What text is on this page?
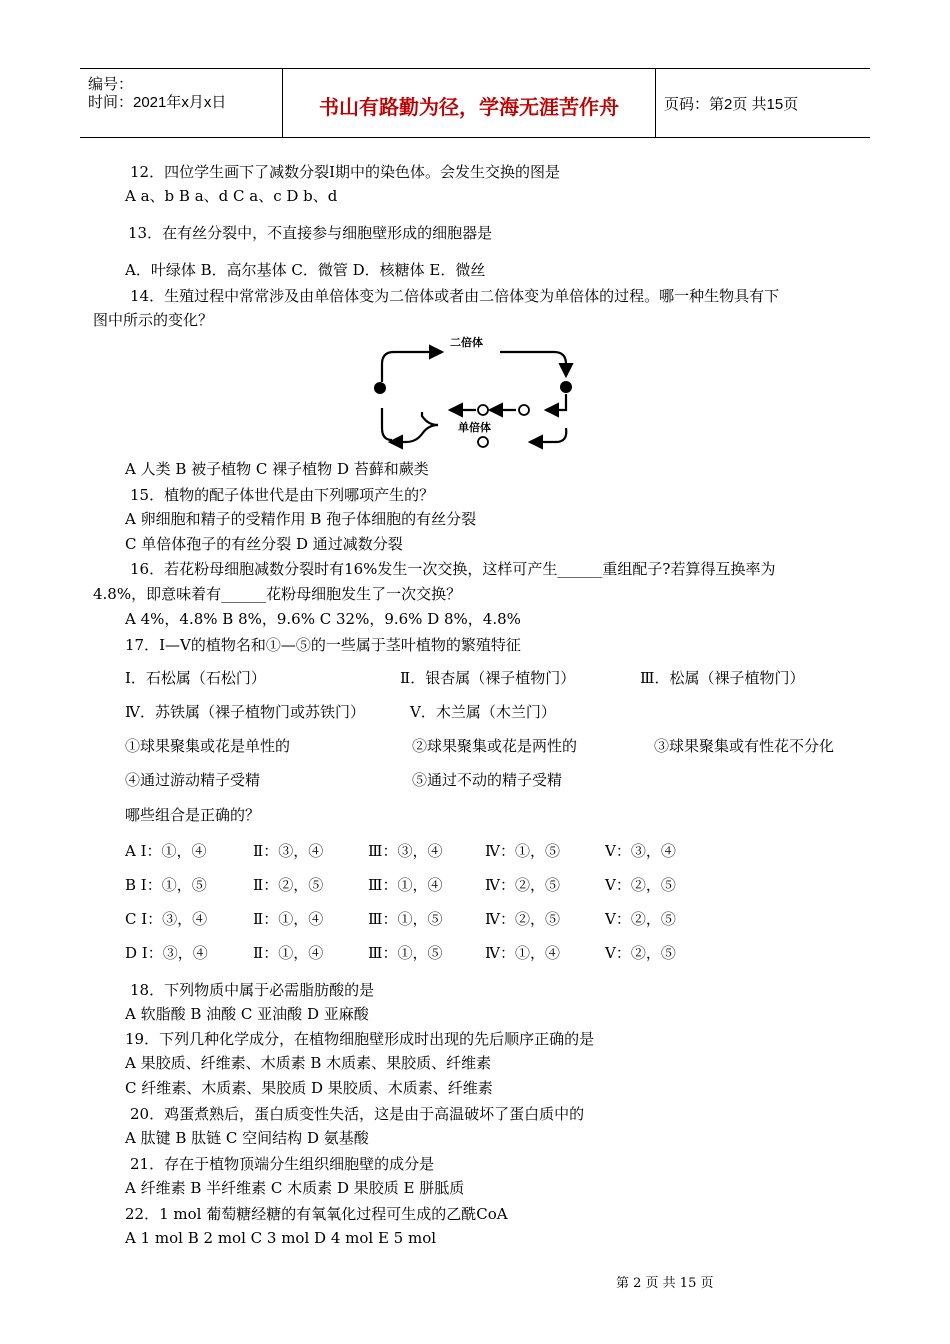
编号：
时间：2021年x月x日	书山有路勤为径，学海无涯苦作舟	页码：第2页 共15页
12．四位学生画下了减数分裂Ⅰ期中的染色体。会发生交换的图是
A a、b B a、d C a、c D b、d
13．在有丝分裂中，不直接参与细胞壁形成的细胞器是
A．叶绿体 B．高尔基体 C．微管 D．核糖体 E．微丝
14．生殖过程中常常涉及由单倍体变为二倍体或者由二倍体变为单倍体的过程。哪一种生物具有下
图中所示的变化？
二倍体
单倍体
A 人类 B 被子植物 C 裸子植物 D 苔藓和蕨类
15．植物的配子体世代是由下列哪项产生的？
A 卵细胞和精子的受精作用 B 孢子体细胞的有丝分裂
C 单倍体孢子的有丝分裂 D 通过减数分裂
16．若花粉母细胞减数分裂时有16%发生一次交换，这样可产生______重组配子?若算得互换率为
4.8%，即意味着有______花粉母细胞发生了一次交换？
A 4%，4.8% B 8%，9.6% C 32%，9.6% D 8%，4.8%
17．Ⅰ—Ⅴ的植物名和①—⑤的一些属于茎叶植物的繁殖特征
I．石松属（石松门）	Ⅱ．银杏属（裸子植物门）	Ⅲ．松属（裸子植物门）
Ⅳ．苏铁属（裸子植物门或苏铁门）	Ⅴ．木兰属（木兰门）
①球果聚集或花是单性的	②球果聚集或花是两性的	③球果聚集或有性花不分化
④通过游动精子受精	⑤通过不动的精子受精
哪些组合是正确的？
A Ⅰ：①，④	Ⅱ：③，④	Ⅲ：③，④	Ⅳ：①，⑤	Ⅴ：③，④
B Ⅰ：①，⑤	Ⅱ：②，⑤	Ⅲ：①，④	Ⅳ：②，⑤	Ⅴ：②，⑤
C Ⅰ：③，④	Ⅱ：①，④	Ⅲ：①，⑤	Ⅳ：②，⑤	Ⅴ：②，⑤
D Ⅰ：③，④	Ⅱ：①，④	Ⅲ：①，⑤	Ⅳ：①，④	Ⅴ：②，⑤
18．下列物质中属于必需脂肪酸的是
A 软脂酸 B 油酸 C 亚油酸 D 亚麻酸
19．下列几种化学成分，在植物细胞壁形成时出现的先后顺序正确的是
A 果胶质、纤维素、木质素 B 木质素、果胶质、纤维素
C 纤维素、木质素、果胶质 D 果胶质、木质素、纤维素
20．鸡蛋煮熟后，蛋白质变性失活，这是由于高温破坏了蛋白质中的
A 肽键 B 肽链 C 空间结构 D 氨基酸
21．存在于植物顶端分生组织细胞壁的成分是
A 纤维素 B 半纤维素 C 木质素 D 果胶质 E 胼胝质
22．1 mol 葡萄糖经糖的有氧氧化过程可生成的乙酰CoA
A 1 mol B 2 mol C 3 mol D 4 mol E 5 mol
第 2 页 共 15 页
